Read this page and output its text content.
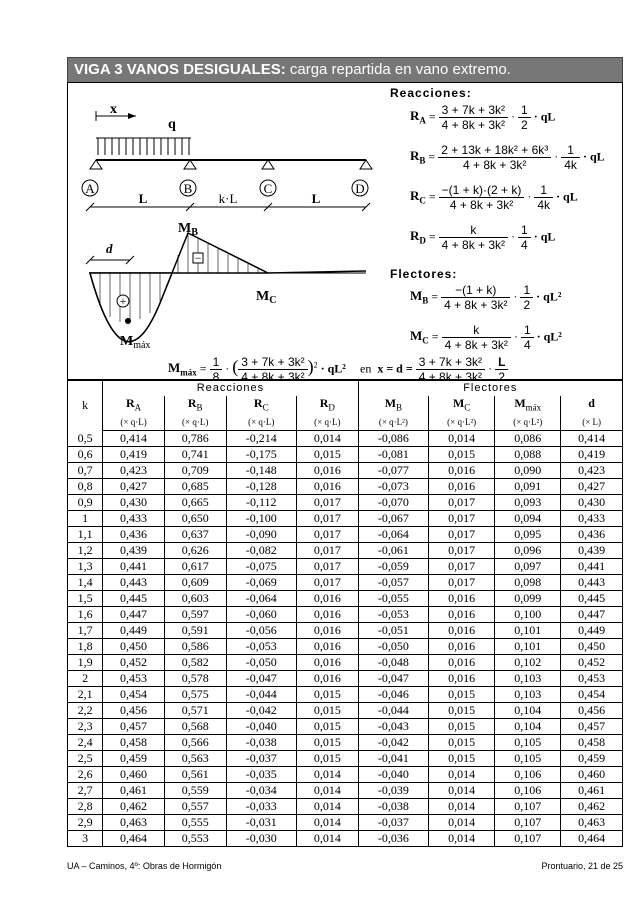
VIGA 3 VANOS DESIGUALES: carga repartida en vano extremo.
x
q
A	B	C	D
L	k·L	L
d
+
−
$M_B$
$M_C$
$M_{máx}$
Reacciones:
$R_A = \frac{\text{3 + 7k + 3k²}}{\text{4 + 8k + 3k²}} \cdot \frac{1}{2}$ · qL
$R_B = \frac{\text{2 + 13k + 18k² + 6k³}}{\text{4 + 8k + 3k²}} \cdot \frac{1}{4k}$ · qL
$R_C = \frac{-(1 + k)\cdot(2 + k)}{\text{4 + 8k + 3k²}} \cdot \frac{1}{4k}$ · qL
$R_D = \frac{k}{\text{4 + 8k + 3k²}} \cdot \frac{1}{4}$ · qL
Flectores:
$M_B = \frac{-(1 + k)}{\text{4 + 8k + 3k²}} \cdot \frac{1}{2} \cdot qL^2$
$M_C = \frac{k}{\text{4 + 8k + 3k²}} \cdot \frac{1}{4} \cdot qL^2$
$M_{máx} = \frac{1}{8}$ · ( $\frac{\text{3 + 7k + 3k²}}{\text{4 + 8k + 3k²}} )^2 \cdot qL^2$ en $x = d = \frac{\text{3 + 7k + 3k²}}{\text{4 + 8k + 3k²}} \cdot \frac{L}{2}$
k	Reacciones				Flectores			
	$R_A$	$R_B$	$R_C$	$R_D$	$M_B$	$M_C$	$M_{máx}$	d
	(× q·L)	(× q·L)	(× q·L)	(× q·L)	(× q·L²)	(× q·L²)	(× q·L²)	(× L)
0,5	0,414	0,786	-0,214	0,014	-0,086	0,014	0,086	0,414
0,6	0,419	0,741	-0,175	0,015	-0,081	0,015	0,088	0,419
0,7	0,423	0,709	-0,148	0,016	-0,077	0,016	0,090	0,423
0,8	0,427	0,685	-0,128	0,016	-0,073	0,016	0,091	0,427
0,9	0,430	0,665	-0,112	0,017	-0,070	0,017	0,093	0,430
1	0,433	0,650	-0,100	0,017	-0,067	0,017	0,094	0,433
1,1	0,436	0,637	-0,090	0,017	-0,064	0,017	0,095	0,436
1,2	0,439	0,626	-0,082	0,017	-0,061	0,017	0,096	0,439
1,3	0,441	0,617	-0,075	0,017	-0,059	0,017	0,097	0,441
1,4	0,443	0,609	-0,069	0,017	-0,057	0,017	0,098	0,443
1,5	0,445	0,603	-0,064	0,016	-0,055	0,016	0,099	0,445
1,6	0,447	0,597	-0,060	0,016	-0,053	0,016	0,100	0,447
1,7	0,449	0,591	-0,056	0,016	-0,051	0,016	0,101	0,449
1,8	0,450	0,586	-0,053	0,016	-0,050	0,016	0,101	0,450
1,9	0,452	0,582	-0,050	0,016	-0,048	0,016	0,102	0,452
2	0,453	0,578	-0,047	0,016	-0,047	0,016	0,103	0,453
2,1	0,454	0,575	-0,044	0,015	-0,046	0,015	0,103	0,454
2,2	0,456	0,571	-0,042	0,015	-0,044	0,015	0,104	0,456
2,3	0,457	0,568	-0,040	0,015	-0,043	0,015	0,104	0,457
2,4	0,458	0,566	-0,038	0,015	-0,042	0,015	0,105	0,458
2,5	0,459	0,563	-0,037	0,015	-0,041	0,015	0,105	0,459
2,6	0,460	0,561	-0,035	0,014	-0,040	0,014	0,106	0,460
2,7	0,461	0,559	-0,034	0,014	-0,039	0,014	0,106	0,461
2,8	0,462	0,557	-0,033	0,014	-0,038	0,014	0,107	0,462
2,9	0,463	0,555	-0,031	0,014	-0,037	0,014	0,107	0,463
3	0,464	0,553	-0,030	0,014	-0,036	0,014	0,107	0,464
UA – Caminos, 4º: Obras de Hormigón	Prontuario, 21 de 25
